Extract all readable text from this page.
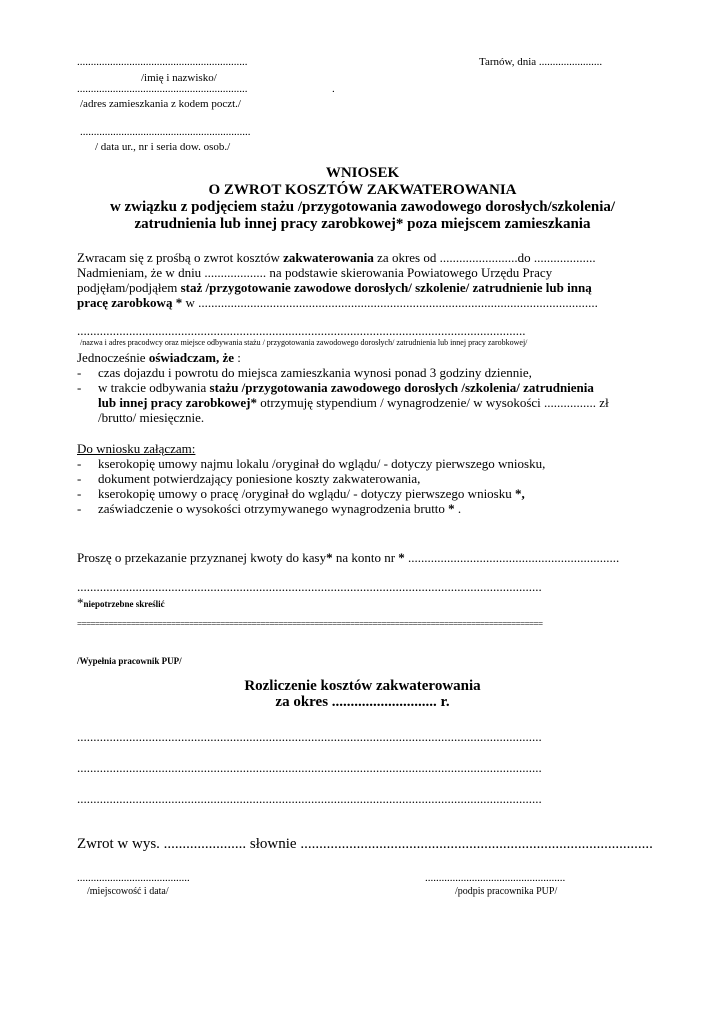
..............................................................
/imię i nazwisko/
..............................................................	.
/adres zamieszkania z kodem poczt./
..............................................................
/ data ur., nr i seria dow. osob./
Tarnów, dnia .......................
WNIOSEK
O ZWROT KOSZTÓW ZAKWATEROWANIA
w związku z podjęciem stażu /przygotowania zawodowego dorosłych/szkolenia/
zatrudnienia lub innej pracy zarobkowej* poza miejscem zamieszkania
Zwracam się z prośbą o zwrot kosztów zakwaterowania za okres od ........................do ...................
Nadmieniam, że w dniu ................... na podstawie skierowania Powiatowego Urzędu Pracy
podjęłam/podjąłem staż /przygotowanie zawodowe dorosłych/ szkolenie/ zatrudnienie lub inną
pracę zarobkową * w ...........................................................................................................................
..........................................................................................................................................
/nazwa i adres pracodwcy oraz miejsce odbywania stażu / przygotowania zawodowego dorosłych/ zatrudnienia lub innej pracy zarobkowej/
Jednocześnie oświadczam, że :
- czas dojazdu i powrotu do miejsca zamieszkania wynosi ponad 3 godziny dziennie,
- w trakcie odbywania stażu /przygotowania zawodowego dorosłych /szkolenia/ zatrudnienia
lub innej pracy zarobkowej* otrzymuję stypendium / wynagrodzenie/ w wysokości ................ zł
/brutto/ miesięcznie.
Do wniosku załączam:
- kserokopię umowy najmu lokalu /oryginał do wglądu/ - dotyczy pierwszego wniosku,
- dokument potwierdzający poniesione koszty zakwaterowania,
- kserokopię umowy o pracę /oryginał do wglądu/ - dotyczy pierwszego wniosku *,
- zaświadczenie o wysokości otrzymywanego wynagrodzenia brutto * .
Proszę o przekazanie przyznanej kwoty do kasy* na konto nr * .................................................................
...............................................................................................................................................
*niepotrzebne skreślić
========================================================================================================
/Wypełnia pracownik PUP/
Rozliczenie kosztów zakwaterowania
za okres ............................ r.
...............................................................................................................................................
...............................................................................................................................................
...............................................................................................................................................
Zwrot w wys. ...................... słownie ..............................................................................................
.........................................
/miejscowość i data/
...................................................
/podpis pracownika PUP/
